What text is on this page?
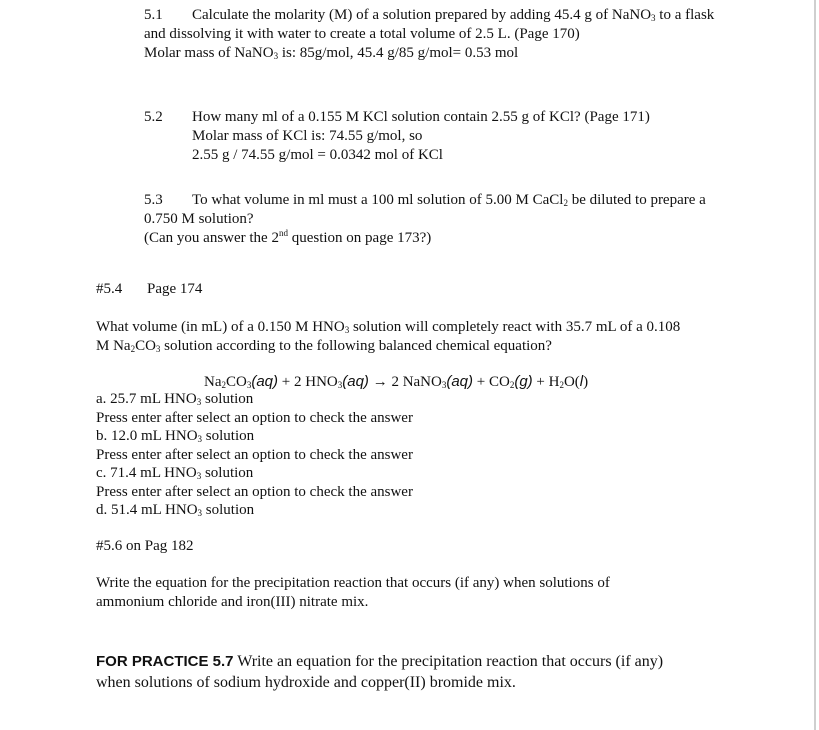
5.1 Calculate the molarity (M) of a solution prepared by adding 45.4 g of NaNO$_3$ to a flask

and dissolving it with water to create a total volume of 2.5 L. (Page 170)

Molar mass of NaNO$_3$ is: 85g/mol, 45.4 g/85 g/mol= 0.53 mol

5.2 How many ml of a 0.155 M KCl solution contain 2.55 g of KCl? (Page 171)

Molar mass of KCl is: 74.55 g/mol, so

2.55 g / 74.55 g/mol = 0.0342 mol of KCl

5.3 To what volume in ml must a 100 ml solution of 5.00 M CaCl$_2$ be diluted to prepare a

0.750 M solution?

(Can you answer the 2nd question on page 173?)

#5.4 Page 174

What volume (in mL) of a 0.150 M $HNO_3$ solution will completely react with 35.7 mL of a 0.108

M $Na_2CO_3$ solution according to the following balanced chemical equation?

$Na_2CO_3(aq) + 2$ $HNO_3(aq) \to 2$ NaNO$_3$(aq) + $CO_2(g) + H_2O(l)$

a. 25.7 mL $HNO_3$ solution

Press enter after select an option to check the answer

b. 12.0 mL $HNO_3$ solution

Press enter after select an option to check the answer

c. 71.4 mL $HNO_3$ solution

Press enter after select an option to check the answer

d. 51.4 mL $HNO_3$ solution

#5.6 on Pag 182

Write the equation for the precipitation reaction that occurs (if any) when solutions of

ammonium chloride and iron(III) nitrate mix.

FOR PRACTICE 5.7 Write an equation for the precipitation reaction that occurs (if any)

when solutions of sodium hydroxide and copper(II) bromide mix.
